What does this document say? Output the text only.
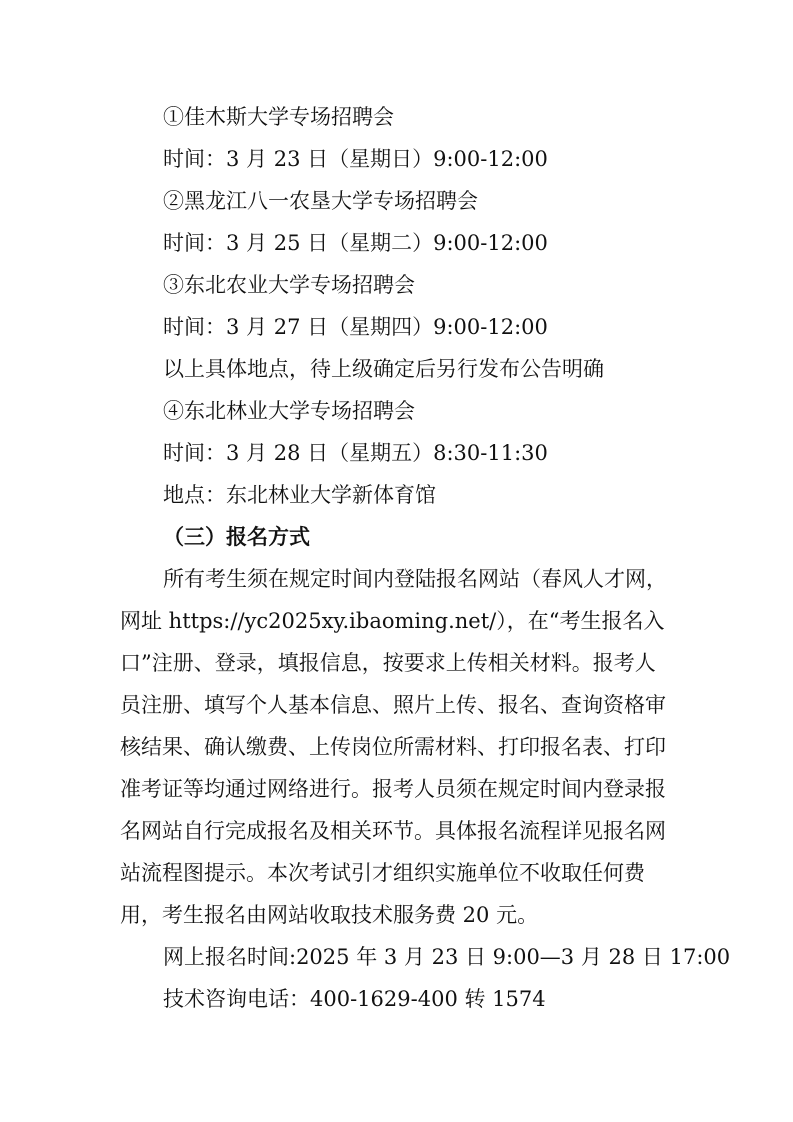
①佳木斯大学专场招聘会
时间：3 月 23 日（星期日）9:00-12:00
②黑龙江八一农垦大学专场招聘会
时间：3 月 25 日（星期二）9:00-12:00
③东北农业大学专场招聘会
时间：3 月 27 日（星期四）9:00-12:00
以上具体地点，待上级确定后另行发布公告明确
④东北林业大学专场招聘会
时间：3 月 28 日（星期五）8:30-11:30
地点：东北林业大学新体育馆
（三）报名方式
所有考生须在规定时间内登陆报名网站（春风人才网，
网址 https://yc2025xy.ibaoming.net/），在“考生报名入
口”注册、登录，填报信息，按要求上传相关材料。报考人
员注册、填写个人基本信息、照片上传、报名、查询资格审
核结果、确认缴费、上传岗位所需材料、打印报名表、打印
准考证等均通过网络进行。报考人员须在规定时间内登录报
名网站自行完成报名及相关环节。具体报名流程详见报名网
站流程图提示。本次考试引才组织实施单位不收取任何费
用，考生报名由网站收取技术服务费 20 元。
网上报名时间:2025 年 3 月 23 日 9:00—3 月 28 日 17:00
技术咨询电话：400-1629-400 转 1574
